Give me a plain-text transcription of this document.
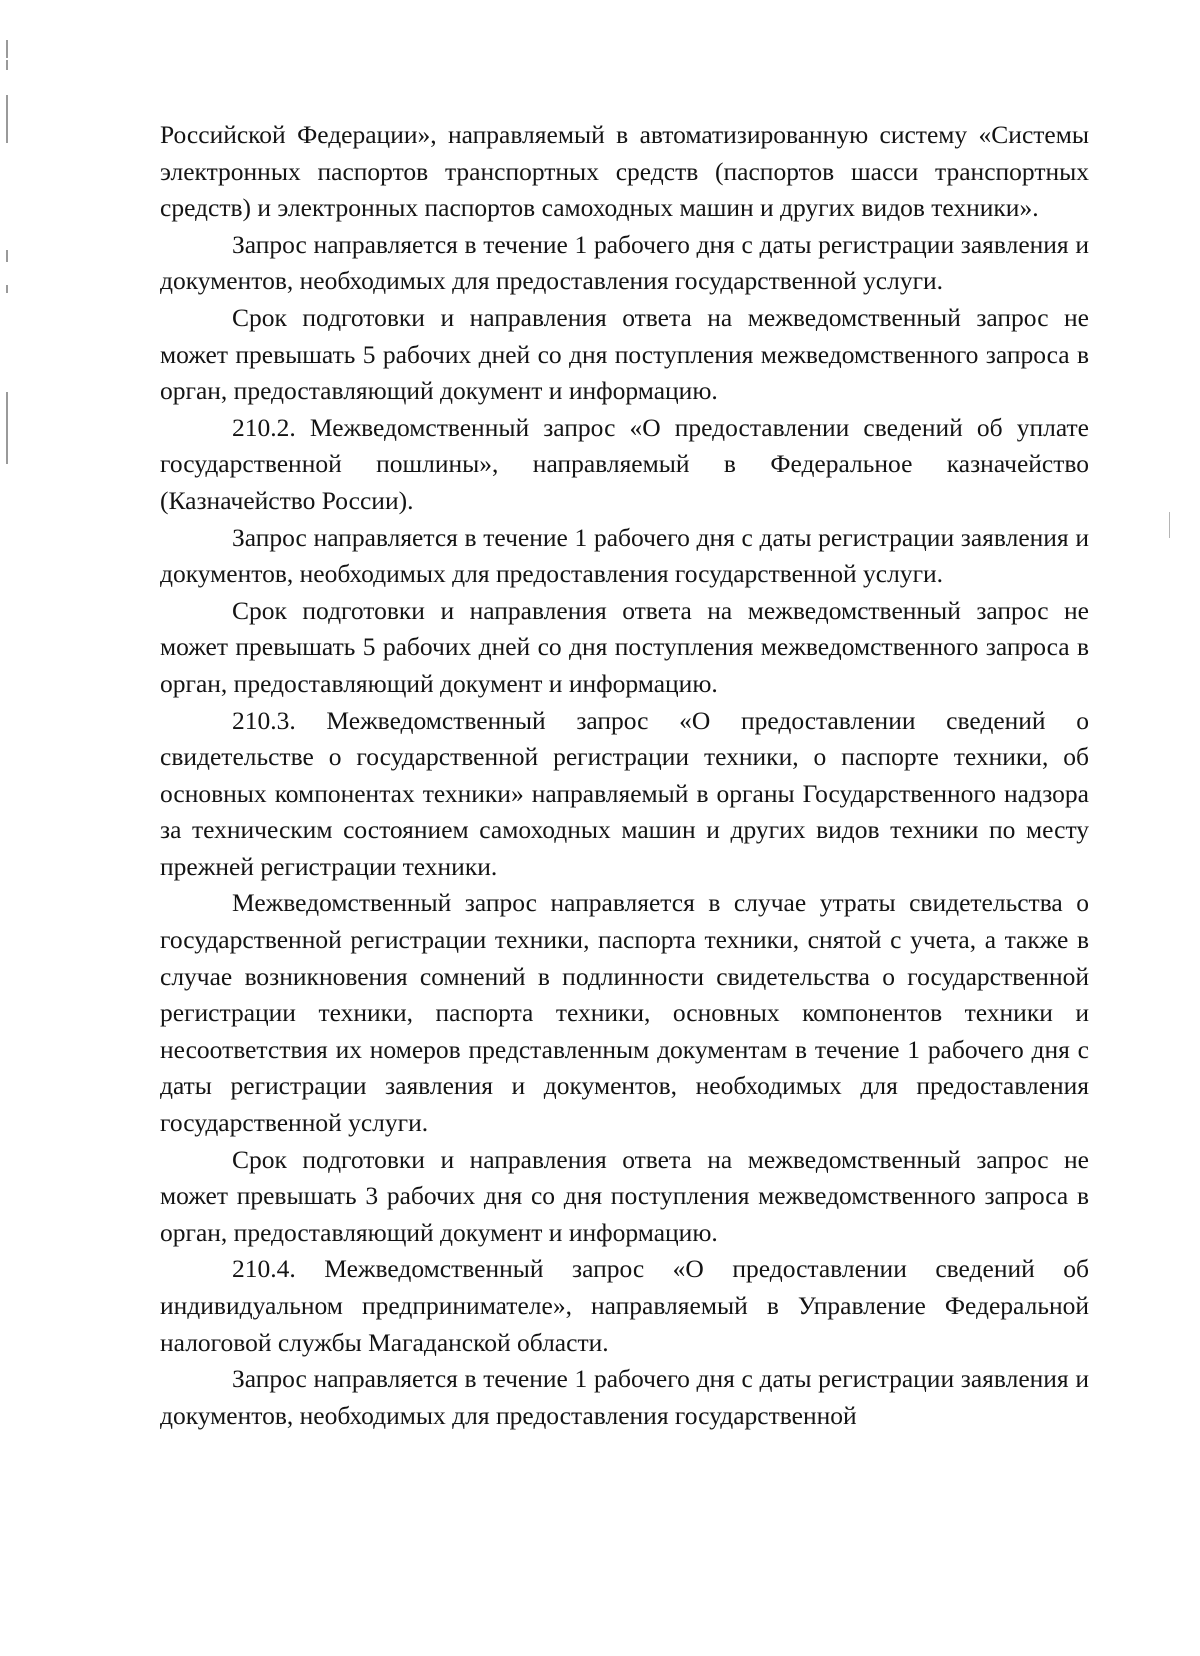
Российской Федерации», направляемый в автоматизированную систему «Системы электронных паспортов транспортных средств (паспортов шасси транспортных средств) и электронных паспортов самоходных машин и других видов техники».

Запрос направляется в течение 1 рабочего дня с даты регистрации заявления и документов, необходимых для предоставления государственной услуги.

Срок подготовки и направления ответа на межведомственный запрос не может превышать 5 рабочих дней со дня поступления межведомственного запроса в орган, предоставляющий документ и информацию.

210.2. Межведомственный запрос «О предоставлении сведений об уплате государственной пошлины», направляемый в Федеральное казначейство (Казначейство России).

Запрос направляется в течение 1 рабочего дня с даты регистрации заявления и документов, необходимых для предоставления государственной услуги.

Срок подготовки и направления ответа на межведомственный запрос не может превышать 5 рабочих дней со дня поступления межведомственного запроса в орган, предоставляющий документ и информацию.

210.3. Межведомственный запрос «О предоставлении сведений о свидетельстве о государственной регистрации техники, о паспорте техники, об основных компонентах техники» направляемый в органы Государственного надзора за техническим состоянием самоходных машин и других видов техники по месту прежней регистрации техники.

Межведомственный запрос направляется в случае утраты свидетельства о государственной регистрации техники, паспорта техники, снятой с учета, а также в случае возникновения сомнений в подлинности свидетельства о государственной регистрации техники, паспорта техники, основных компонентов техники и несоответствия их номеров представленным документам в течение 1 рабочего дня с даты регистрации заявления и документов, необходимых для предоставления государственной услуги.

Срок подготовки и направления ответа на межведомственный запрос не может превышать 3 рабочих дня со дня поступления межведомственного запроса в орган, предоставляющий документ и информацию.

210.4. Межведомственный запрос «О предоставлении сведений об индивидуальном предпринимателе», направляемый в Управление Федеральной налоговой службы Магаданской области.

Запрос направляется в течение 1 рабочего дня с даты регистрации заявления и документов, необходимых для предоставления государственной
